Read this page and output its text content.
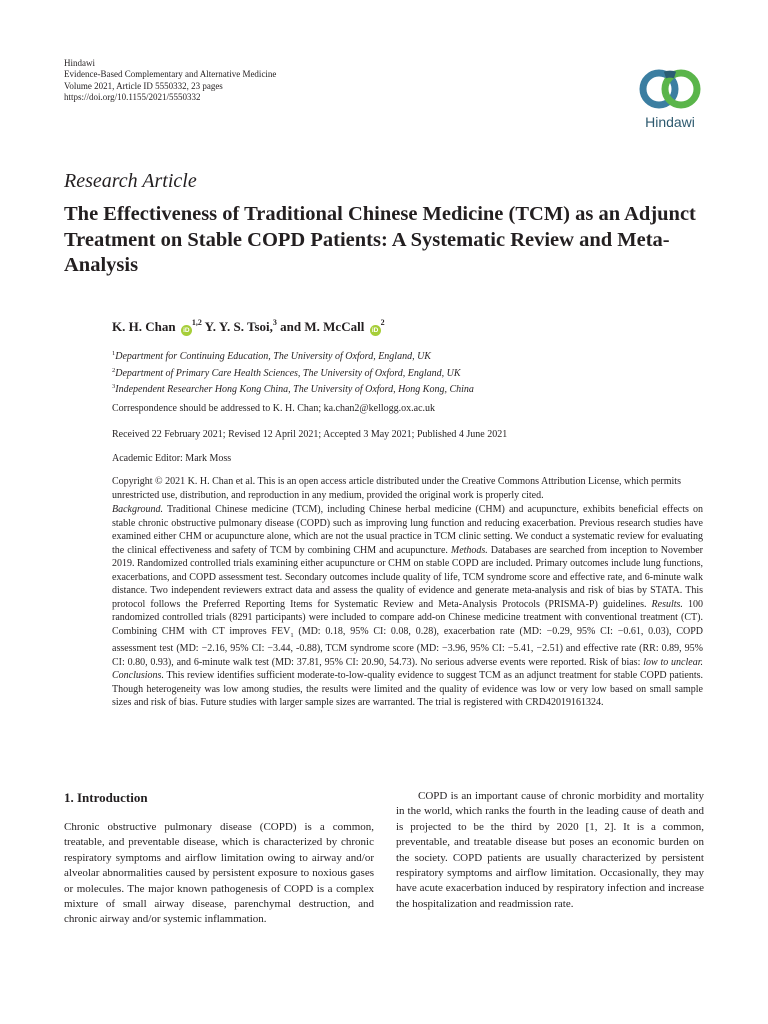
Hindawi
Evidence-Based Complementary and Alternative Medicine
Volume 2021, Article ID 5550332, 23 pages
https://doi.org/10.1155/2021/5550332
Hindawi
Research Article
The Effectiveness of Traditional Chinese Medicine (TCM) as an Adjunct Treatment on Stable COPD Patients: A Systematic Review and Meta-Analysis
K. H. Chan iD$^{1,2}$ Y. Y. S. Tsoi,$^3$ and M. McCall $iD^2$
$^1$Department for Continuing Education, The University of Oxford, England, UK
$^2$Department of Primary Care Health Sciences, The University of Oxford, England, UK
$^3$Independent Researcher Hong Kong China, The University of Oxford, Hong Kong, China
Correspondence should be addressed to K. H. Chan; ka.chan2@kellogg.ox.ac.uk
Received 22 February 2021; Revised 12 April 2021; Accepted 3 May 2021; Published 4 June 2021
Academic Editor: Mark Moss
Copyright © 2021 K. H. Chan et al. This is an open access article distributed under the Creative Commons Attribution License, which permits unrestricted use, distribution, and reproduction in any medium, provided the original work is properly cited.
Background. Traditional Chinese medicine (TCM), including Chinese herbal medicine (CHM) and acupuncture, exhibits beneficial effects on stable chronic obstructive pulmonary disease (COPD) such as improving lung function and reducing exacerbation. Previous research studies have examined either CHM or acupuncture alone, which are not the usual practice in TCM clinic setting. We conduct a systematic review for evaluating the clinical effectiveness and safety of TCM by combining CHM and acupuncture. Methods. Databases are searched from inception to November 2019. Randomized controlled trials examining either acupuncture or CHM on stable COPD are included. Primary outcomes include lung functions, exacerbations, and COPD assessment test. Secondary outcomes include quality of life, TCM syndrome score and effective rate, and 6-minute walk distance. Two independent reviewers extract data and assess the quality of evidence and generate meta-analysis and risk of bias by STATA. This protocol follows the Preferred Reporting Items for Systematic Review and Meta-Analysis Protocols (PRISMA-P) guidelines. Results. 100 randomized controlled trials (8291 participants) were included to compare add-on Chinese medicine treatment with conventional treatment (CT). Combining CHM with CT improves $FEV_1$ (MD: 0.18, 95% CI: 0.08, 0.28), exacerbation rate (MD: −0.29, 95% CI: −0.61, 0.03), COPD assessment test (MD: −2.16, 95% CI: −3.44, -0.88), TCM syndrome score (MD: −3.96, 95% CI: −5.41, −2.51) and effective rate (RR: 0.89, 95% CI: 0.80, 0.93), and 6-minute walk test (MD: 37.81, 95% CI: 20.90, 54.73). No serious adverse events were reported. Risk of bias: low to unclear. Conclusions. This review identifies sufficient moderate-to-low-quality evidence to suggest TCM as an adjunct treatment for stable COPD patients. Though heterogeneity was low among studies, the results were limited and the quality of evidence was low or very low based on small sample sizes and risk of bias. Future studies with larger sample sizes are warranted. The trial is registered with CRD42019161324.
1. Introduction
Chronic obstructive pulmonary disease (COPD) is a common, treatable, and preventable disease, which is characterized by chronic respiratory symptoms and airflow limitation owing to airway and/or alveolar abnormalities caused by persistent exposure to noxious gases or molecules. The major known pathogenesis of COPD is a complex mixture of small airway disease, parenchymal destruction, and chronic airway and/or systemic inflammation.
COPD is an important cause of chronic morbidity and mortality in the world, which ranks the fourth in the leading cause of death and is projected to be the third by 2020 [1, 2]. It is a common, preventable, and treatable disease but poses an economic burden on the society. COPD patients are usually characterized by persistent respiratory symptoms and airflow limitation. Occasionally, they may have acute exacerbation induced by respiratory infection and increase the hospitalization and readmission rate.
